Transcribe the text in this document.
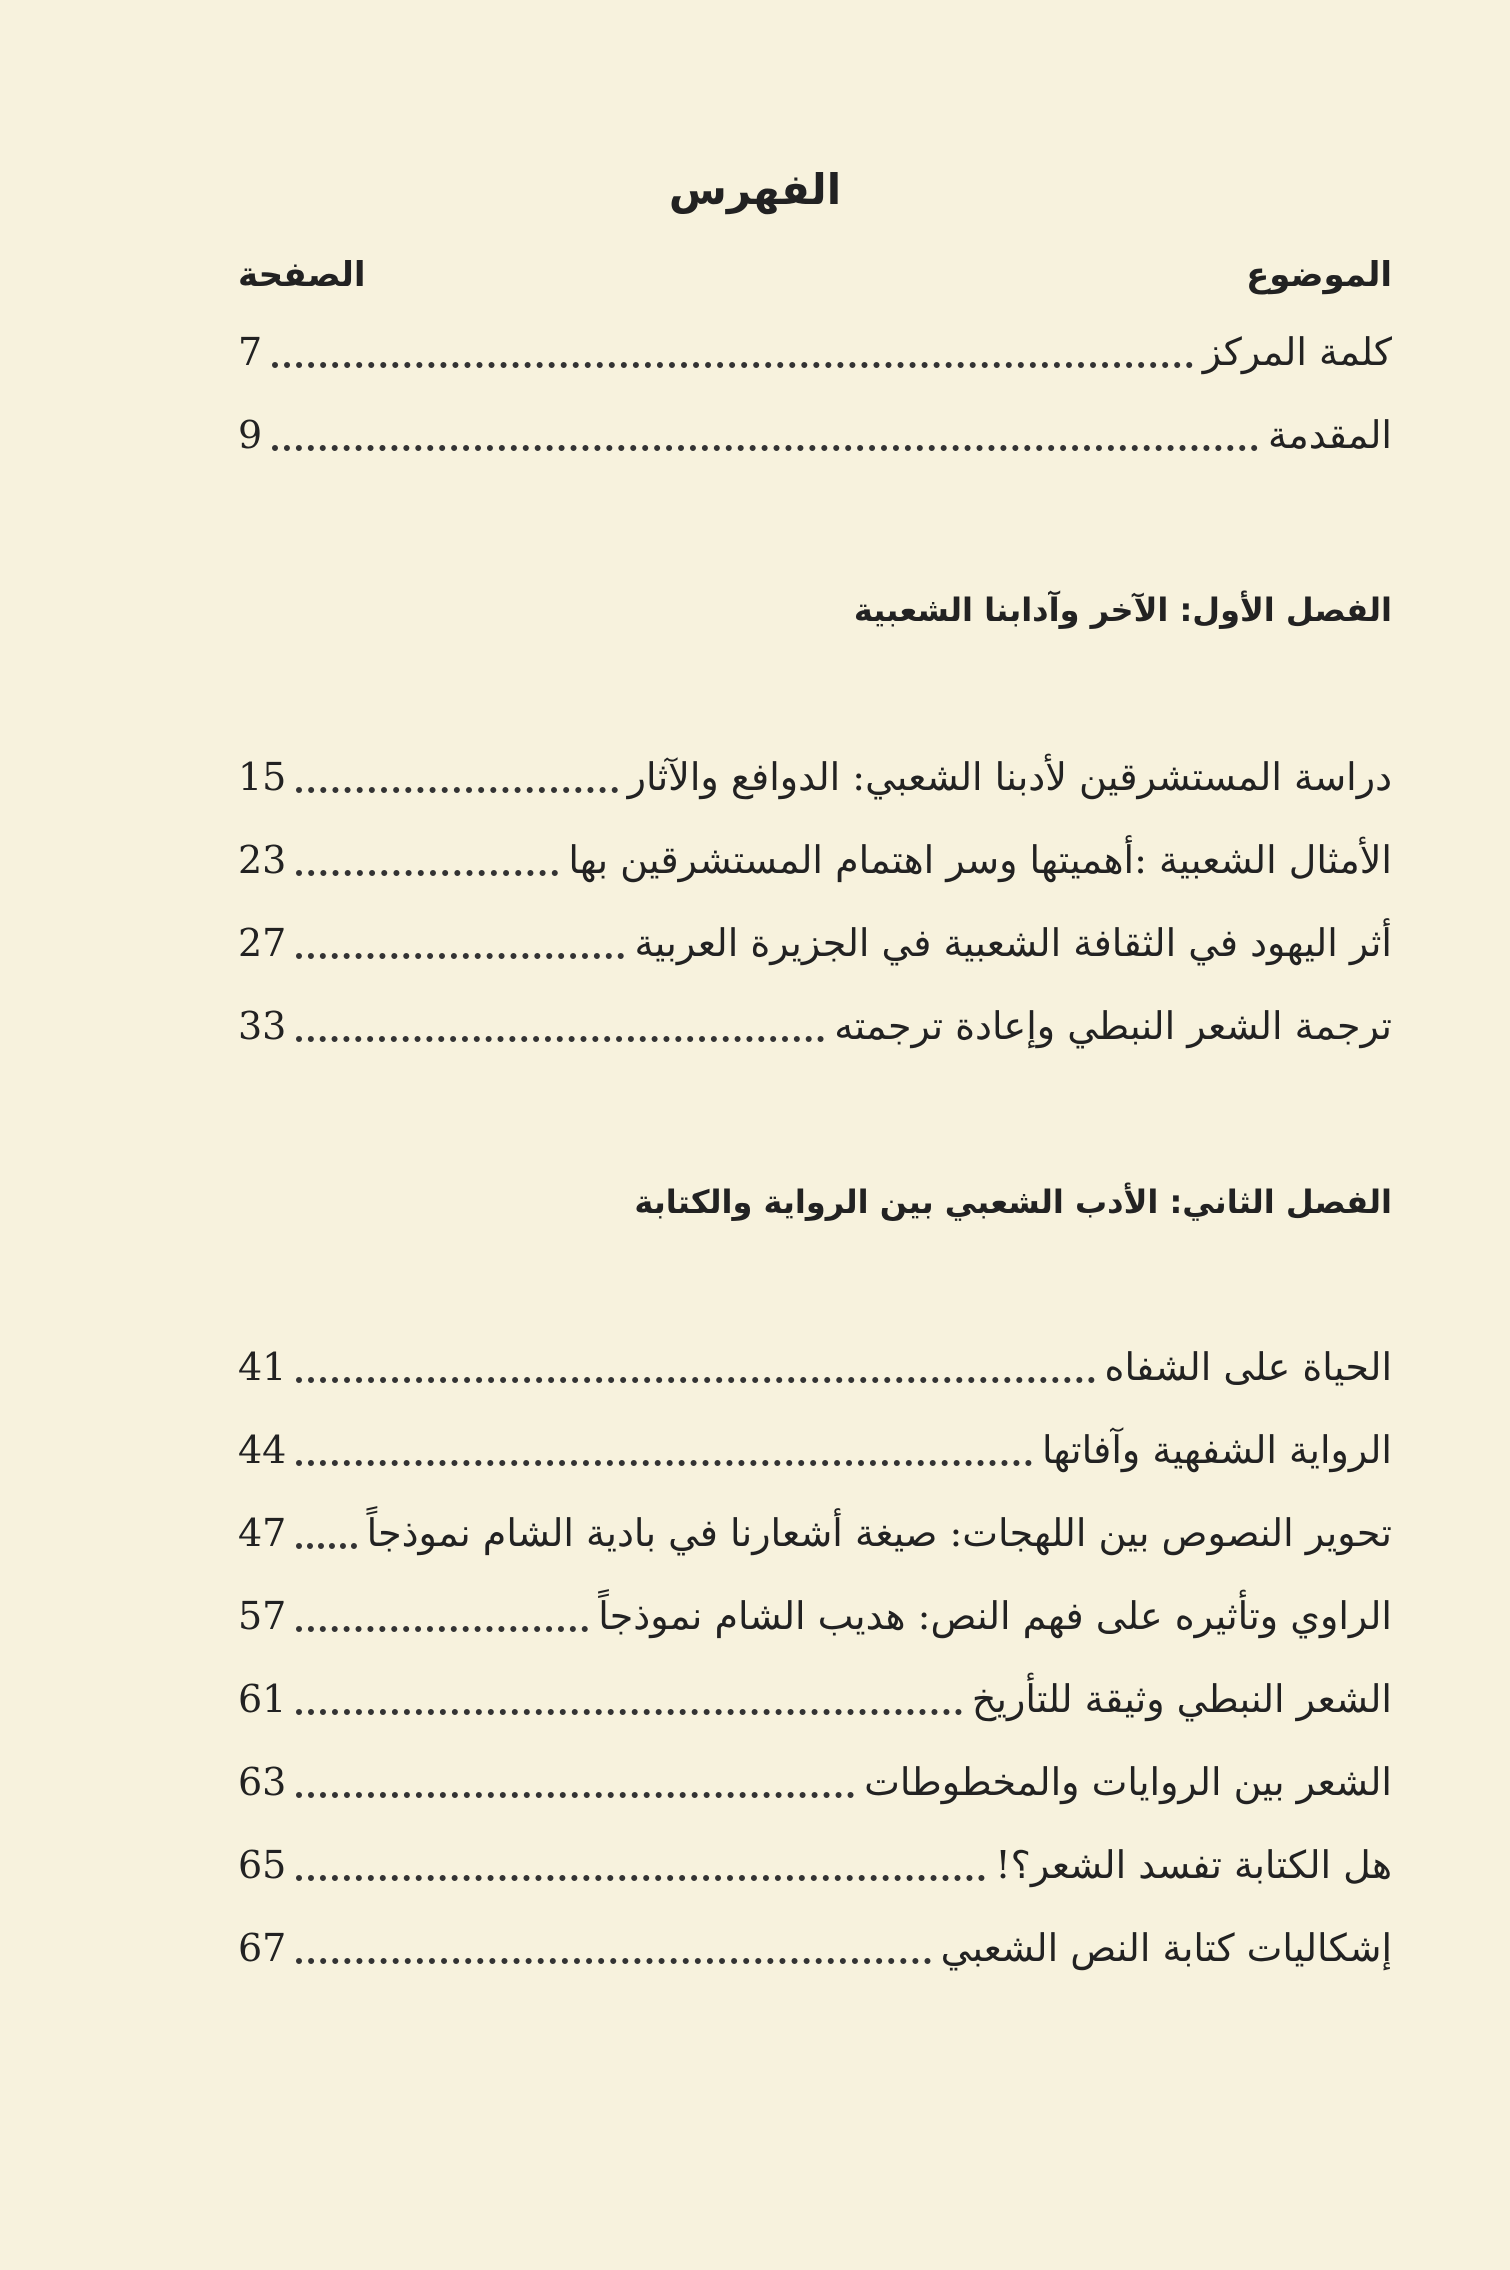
الفهرس
الموضوع
الصفحة
كلمة المركز
7
المقدمة
9
الفصل الأول: الآخر وآدابنا الشعبية
دراسة المستشرقين لأدبنا الشعبي: الدوافع والآثار
15
الأمثال الشعبية :أهميتها وسر اهتمام المستشرقين بها
23
أثر اليهود في الثقافة الشعبية في الجزيرة العربية
27
ترجمة الشعر النبطي وإعادة ترجمته
33
الفصل الثاني: الأدب الشعبي بين الرواية والكتابة
الحياة على الشفاه
41
الرواية الشفهية وآفاتها
44
تحوير النصوص بين اللهجات: صيغة أشعارنا في بادية الشام نموذجاً
47
الراوي وتأثيره على فهم النص: هديب الشام نموذجاً
57
الشعر النبطي وثيقة للتأريخ
61
الشعر بين الروايات والمخطوطات
63
هل الكتابة تفسد الشعر؟!
65
إشكاليات كتابة النص الشعبي
67
